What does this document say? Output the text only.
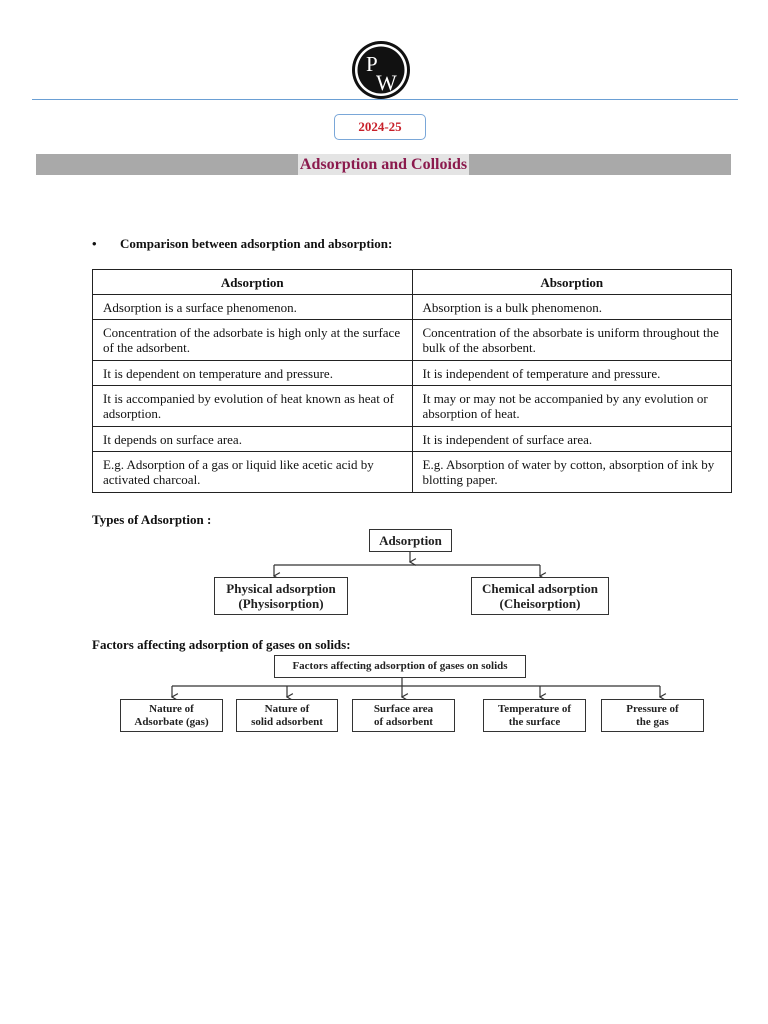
P
W
2024-25
Adsorption and Colloids
• Comparison between adsorption and absorption:
Adsorption	Absorption
Adsorption is a surface phenomenon.	Absorption is a bulk phenomenon.
Concentration of the adsorbate is high only at the surface of the adsorbent.	Concentration of the absorbate is uniform throughout the bulk of the absorbent.
It is dependent on temperature and pressure.	It is independent of temperature and pressure.
It is accompanied by evolution of heat known as heat of adsorption.	It may or may not be accompanied by any evolution or absorption of heat.
It depends on surface area.	It is independent of surface area.
E.g. Adsorption of a gas or liquid like acetic acid by activated charcoal.	E.g. Absorption of water by cotton, absorption of ink by blotting paper.
Types of Adsorption :
Adsorption
Physical adsorption
(Physisorption)
Chemical adsorption
(Cheisorption)
Factors affecting adsorption of gases on solids:
Factors affecting adsorption of gases on solids
Nature of
Adsorbate (gas)
Nature of
solid adsorbent
Surface area
of adsorbent
Temperature of
the surface
Pressure of
the gas
